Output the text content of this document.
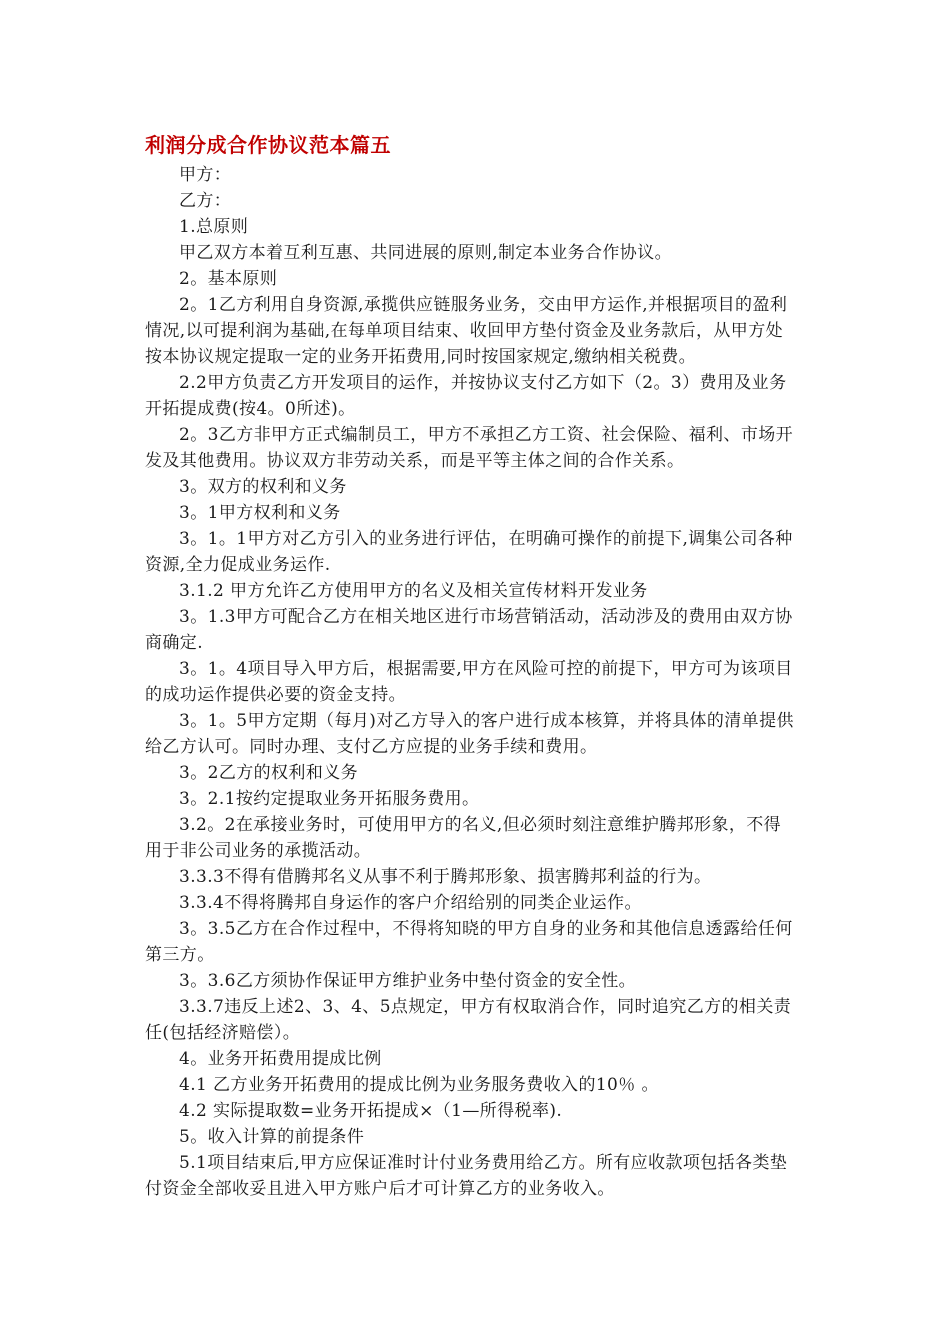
利润分成合作协议范本篇五

甲方：

乙方：

1.总原则

甲乙双方本着互利互惠、共同进展的原则,制定本业务合作协议。

2。基本原则

2。1乙方利用自身资源,承揽供应链服务业务，交由甲方运作,并根据项目的盈利情况,以可提利润为基础,在每单项目结束、收回甲方垫付资金及业务款后，从甲方处按本协议规定提取一定的业务开拓费用,同时按国家规定,缴纳相关税费。

2.2甲方负责乙方开发项目的运作，并按协议支付乙方如下（2。3）费用及业务开拓提成费(按4。0所述)。

2。3乙方非甲方正式编制员工，甲方不承担乙方工资、社会保险、福利、市场开发及其他费用。协议双方非劳动关系，而是平等主体之间的合作关系。

3。双方的权利和义务

3。1甲方权利和义务

3。1。1甲方对乙方引入的业务进行评估，在明确可操作的前提下,调集公司各种资源,全力促成业务运作.

3.1.2 甲方允许乙方使用甲方的名义及相关宣传材料开发业务

3。1.3甲方可配合乙方在相关地区进行市场营销活动，活动涉及的费用由双方协商确定.

3。1。4项目导入甲方后，根据需要,甲方在风险可控的前提下，甲方可为该项目的成功运作提供必要的资金支持。

3。1。5甲方定期（每月)对乙方导入的客户进行成本核算，并将具体的清单提供给乙方认可。同时办理、支付乙方应提的业务手续和费用。

3。2乙方的权利和义务

3。2.1按约定提取业务开拓服务费用。

3.2。2在承接业务时，可使用甲方的名义,但必须时刻注意维护腾邦形象，不得用于非公司业务的承揽活动。

3.3.3不得有借腾邦名义从事不利于腾邦形象、损害腾邦利益的行为。

3.3.4不得将腾邦自身运作的客户介绍给别的同类企业运作。

3。3.5乙方在合作过程中，不得将知晓的甲方自身的业务和其他信息透露给任何第三方。

3。3.6乙方须协作保证甲方维护业务中垫付资金的安全性。

3.3.7违反上述2、3、4、5点规定，甲方有权取消合作，同时追究乙方的相关责任(包括经济赔偿）。

4。业务开拓费用提成比例

4.1 乙方业务开拓费用的提成比例为业务服务费收入的10％ 。

4.2 实际提取数=业务开拓提成×（1—所得税率).

5。收入计算的前提条件

5.1项目结束后,甲方应保证准时计付业务费用给乙方。所有应收款项包括各类垫付资金全部收妥且进入甲方账户后才可计算乙方的业务收入。
